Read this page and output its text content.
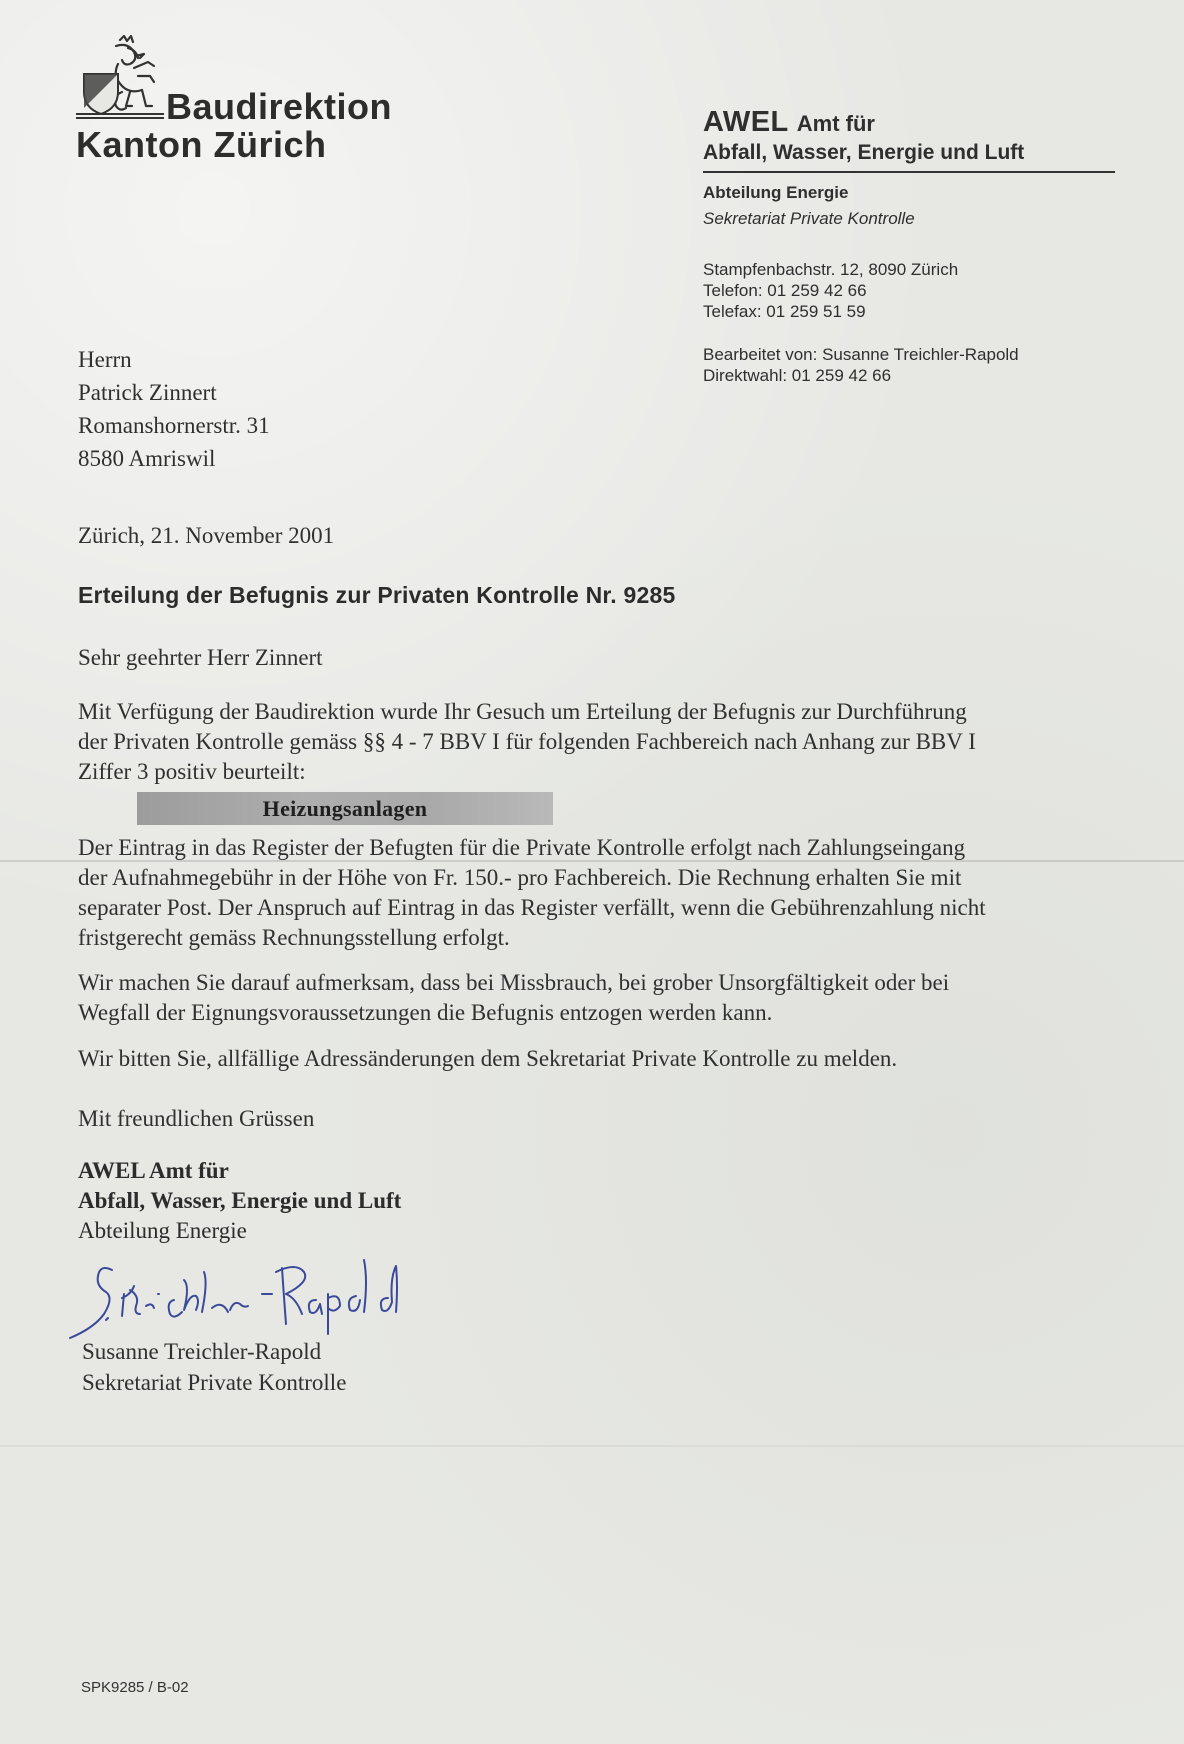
Baudirektion
Kanton Zürich
AWEL Amt für
Abfall, Wasser, Energie und Luft
Abteilung Energie
Sekretariat Private Kontrolle
Stampfenbachstr. 12, 8090 Zürich
Telefon: 01 259 42 66
Telefax: 01 259 51 59
Bearbeitet von: Susanne Treichler-Rapold
Direktwahl: 01 259 42 66
Herrn
Patrick Zinnert
Romanshornerstr. 31
8580 Amriswil
Zürich, 21. November 2001
Erteilung der Befugnis zur Privaten Kontrolle Nr. 9285
Sehr geehrter Herr Zinnert
Mit Verfügung der Baudirektion wurde Ihr Gesuch um Erteilung der Befugnis zur Durchführung
der Privaten Kontrolle gemäss §§ 4 - 7 BBV I für folgenden Fachbereich nach Anhang zur BBV I
Ziffer 3 positiv beurteilt:
Heizungsanlagen
Der Eintrag in das Register der Befugten für die Private Kontrolle erfolgt nach Zahlungseingang
der Aufnahmegebühr in der Höhe von Fr. 150.- pro Fachbereich. Die Rechnung erhalten Sie mit
separater Post. Der Anspruch auf Eintrag in das Register verfällt, wenn die Gebührenzahlung nicht
fristgerecht gemäss Rechnungsstellung erfolgt.
Wir machen Sie darauf aufmerksam, dass bei Missbrauch, bei grober Unsorgfältigkeit oder bei
Wegfall der Eignungsvoraussetzungen die Befugnis entzogen werden kann.
Wir bitten Sie, allfällige Adressänderungen dem Sekretariat Private Kontrolle zu melden.
Mit freundlichen Grüssen
AWEL Amt für
Abfall, Wasser, Energie und Luft
Abteilung Energie
Susanne Treichler-Rapold
Sekretariat Private Kontrolle
SPK9285 / B-02
